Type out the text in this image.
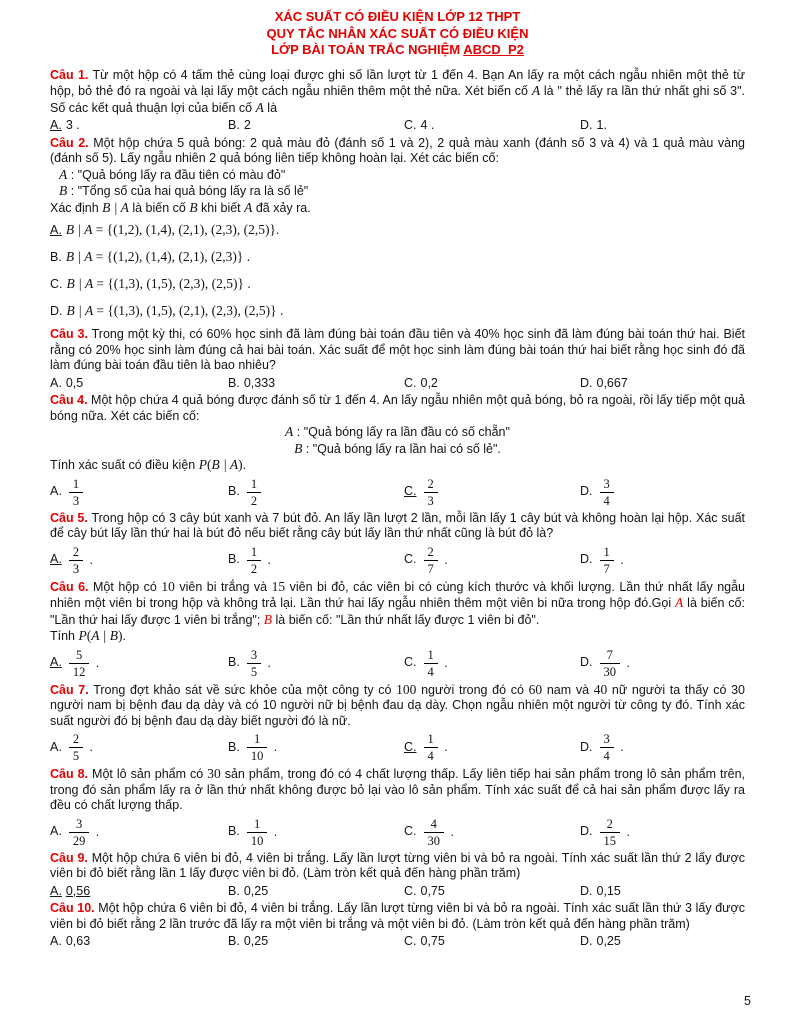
XÁC SUẤT CÓ ĐIỀU KIỆN LỚP 12 THPT
QUY TẮC NHÂN XÁC SUẤT CÓ ĐIỀU KIỆN
LỚP BÀI TOÁN TRẮC NGHIỆM ABCD_P2
Câu 1. Từ một hộp có 4 tấm thẻ cùng loại được ghi số lần lượt từ 1 đến 4. Bạn An lấy ra một cách ngẫu nhiên một thẻ từ hộp, bỏ thẻ đó ra ngoài và lại lấy một cách ngẫu nhiên thêm một thẻ nữa. Xét biến cố A là " thẻ lấy ra lần thứ nhất ghi số 3". Số các kết quả thuận lợi của biến cố A là
A. 3 .	B. 2	C. 4 .	D. 1.
Câu 2. Một hộp chứa 5 quả bóng: 2 quả màu đỏ (đánh số 1 và 2), 2 quả màu xanh (đánh số 3 và 4) và 1 quả màu vàng (đánh số 5). Lấy ngẫu nhiên 2 quả bóng liên tiếp không hoàn lại. Xét các biến cố:
A : "Quả bóng lấy ra đầu tiên có màu đỏ"
B : "Tổng số của hai quả bóng lấy ra là số lẻ"
Xác định B | A là biến cố B khi biết A đã xảy ra.
A. B | A = {(1,2), (1,4), (2,1), (2,3), (2,5)}.
B. B | A = {(1,2), (1,4), (2,1), (2,3)} .
C. B | A = {(1,3), (1,5), (2,3), (2,5)} .
D. B | A = {(1,3), (1,5), (2,1), (2,3), (2,5)} .
Câu 3. Trong một kỳ thi, có 60% học sinh đã làm đúng bài toán đầu tiên và 40% học sinh đã làm đúng bài toán thứ hai. Biết rằng có 20% học sinh làm đúng cả hai bài toán. Xác suất để một học sinh làm đúng bài toán thứ hai biết rằng học sinh đó đã làm đúng bài toán đầu tiên là bao nhiêu?
A. 0,5	B. 0,333	C. 0,2	D. 0,667
Câu 4. Một hộp chứa 4 quả bóng được đánh số từ 1 đến 4. An lấy ngẫu nhiên một quả bóng, bỏ ra ngoài, rồi lấy tiếp một quả bóng nữa. Xét các biến cố:
A : "Quả bóng lấy ra lần đầu có số chẵn"
B : "Quả bóng lấy ra lần hai có số lẻ".
Tính xác suất có điều kiện P(B | A).
A. $\frac{1}{3}$	B. $\frac{1}{2}$	C. $\frac{2}{3}$	D. $\frac{3}{4}$
Câu 5. Trong hộp có 3 cây bút xanh và 7 bút đỏ. An lấy lần lượt 2 lần, mỗi lần lấy 1 cây bút và không hoàn lại hộp. Xác suất để cây bút lấy lần thứ hai là bút đỏ nếu biết rằng cây bút lấy lần thứ nhất cũng là bút đỏ là?
A. $\frac{2}{3}$ .	B. $\frac{1}{2}$ .	C. $\frac{2}{7}$ .	D. $\frac{1}{7}$ .
Câu 6. Một hộp có 10 viên bi trắng và 15 viên bi đỏ, các viên bi có cùng kích thước và khối lượng. Lần thứ nhất lấy ngẫu nhiên một viên bi trong hộp và không trả lại. Lần thứ hai lấy ngẫu nhiên thêm một viên bi nữa trong hộp đó.Gọi A là biến cố: "Lần thứ hai lấy được 1 viên bi trắng"; B là biến cố: "Lần thứ nhất lấy được 1 viên bi đỏ".
Tính P(A | B).
A. $\frac{5}{12}$ .	B. $\frac{3}{5}$ .	C. $\frac{1}{4}$ .	D. $\frac{7}{30}$ .
Câu 7. Trong đợt khảo sát về sức khỏe của một công ty có 100 người trong đó có 60 nam và 40 nữ người ta thấy có 30 người nam bị bệnh đau dạ dày và có 10 người nữ bị bệnh đau dạ dày. Chọn ngẫu nhiên một người từ công ty đó. Tính xác suất người đó bị bệnh đau dạ dày biết người đó là nữ.
A. $\frac{2}{5}$ .	B. $\frac{1}{10}$ .	C. $\frac{1}{4}$ .	D. $\frac{3}{4}$ .
Câu 8. Một lô sản phẩm có 30 sản phẩm, trong đó có 4 chất lượng thấp. Lấy liên tiếp hai sản phẩm trong lô sản phẩm trên, trong đó sản phẩm lấy ra ở lần thứ nhất không được bỏ lại vào lô sản phẩm. Tính xác suất để cả hai sản phẩm được lấy ra đều có chất lượng thấp.
A. $\frac{3}{29}$ .	B. $\frac{1}{10}$ .	C. $\frac{4}{30}$ .	D. $\frac{2}{15}$ .
Câu 9. Một hộp chứa 6 viên bi đỏ, 4 viên bi trắng. Lấy lần lượt từng viên bi và bỏ ra ngoài. Tính xác suất lần thứ 2 lấy được viên bi đỏ biết rằng lần 1 lấy được viên bi đỏ. (Làm tròn kết quả đến hàng phần trăm)
A. 0,56	B. 0,25	C. 0,75	D. 0,15
Câu 10. Một hộp chứa 6 viên bi đỏ, 4 viên bi trắng. Lấy lần lượt từng viên bi và bỏ ra ngoài. Tính xác suất lần thứ 3 lấy được viên bi đỏ biết rằng 2 lần trước đã lấy ra một viên bi trắng và một viên bi đỏ. (Làm tròn kết quả đến hàng phần trăm)
A. 0,63	B. 0,25	C. 0,75	D. 0,25
5
